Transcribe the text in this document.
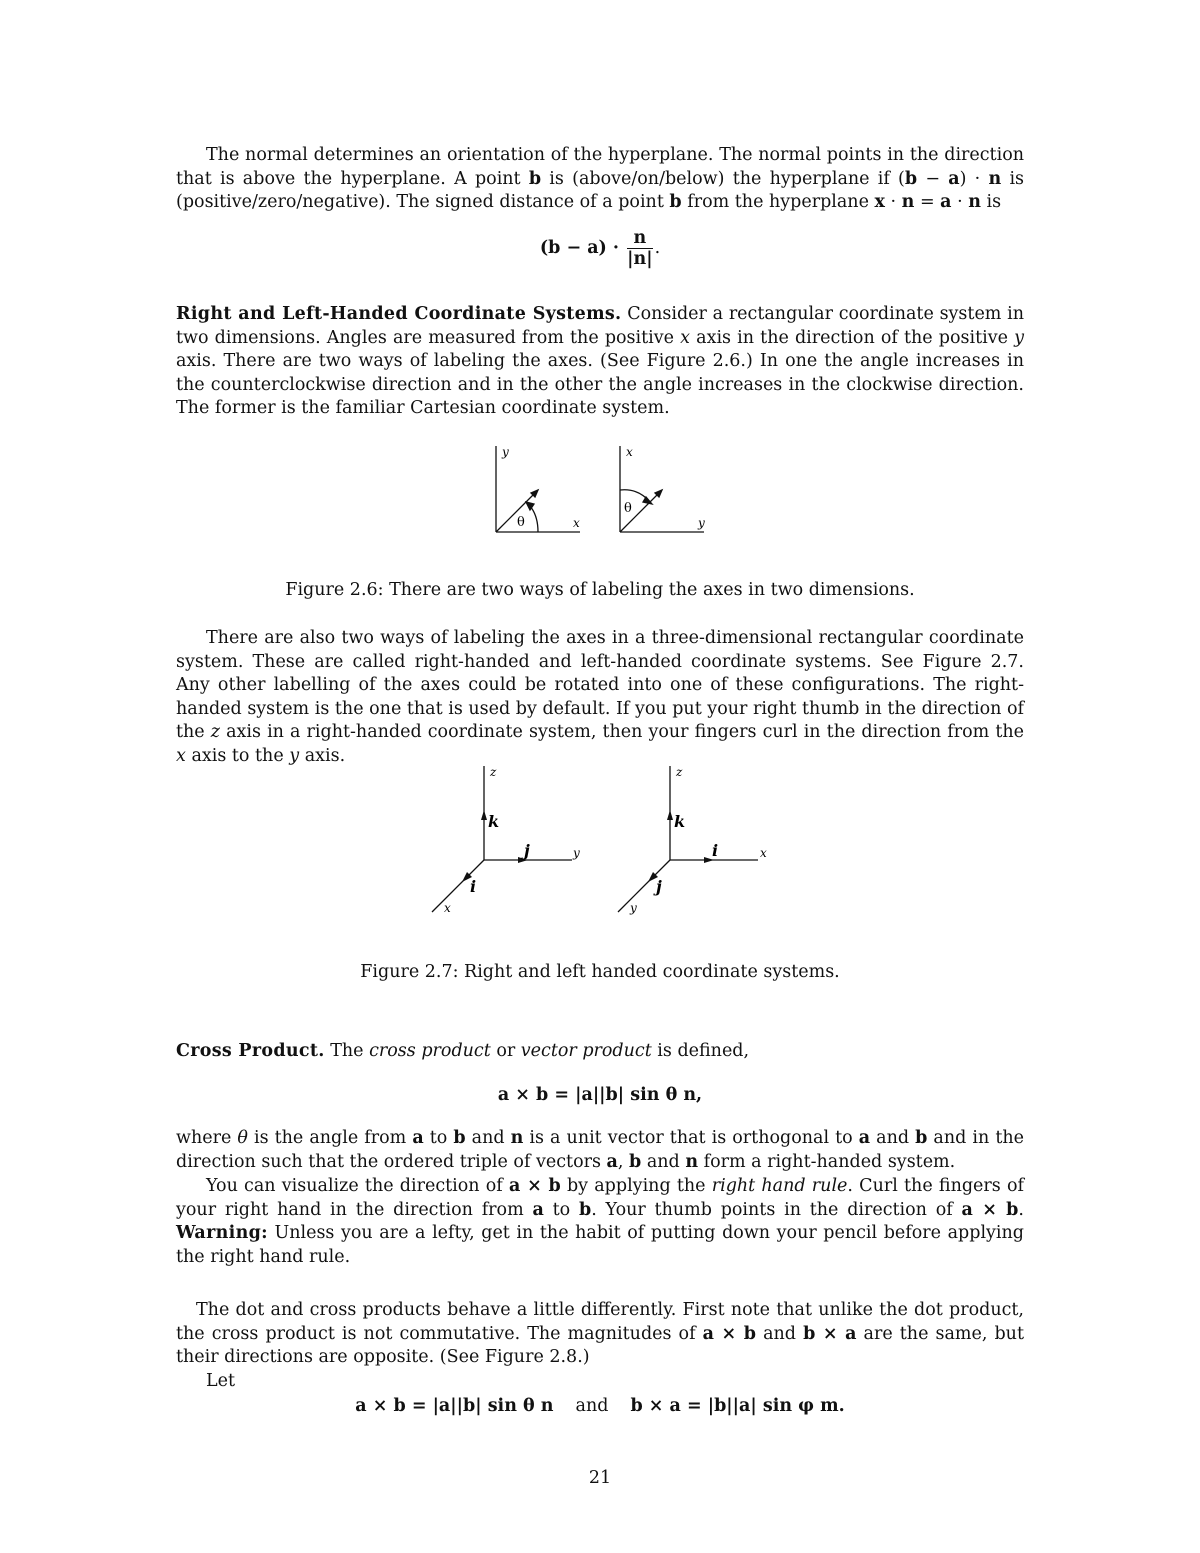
The normal determines an orientation of the hyperplane. The normal points in the direction that is above the hyperplane. A point b is (above/on/below) the hyperplane if (b − a) · n is (positive/zero/negative). The signed distance of a point b from the hyperplane x · n = a · n is

$(b - a) \cdot \frac{n}{|n|}$ .

Right and Left-Handed Coordinate Systems. Consider a rectangular coordinate system in two dimensions. Angles are measured from the positive x axis in the direction of the positive y axis. There are two ways of labeling the axes. (See Figure 2.6.) In one the angle increases in the counterclockwise direction and in the other the angle increases in the clockwise direction. The former is the familiar Cartesian coordinate system.

y
x
θ
x
y
θ
Figure 2.6: There are two ways of labeling the axes in two dimensions.

There are also two ways of labeling the axes in a three-dimensional rectangular coordinate system. These are called right-handed and left-handed coordinate systems. See Figure 2.7. Any other labelling of the axes could be rotated into one of these configurations. The right-handed system is the one that is used by default. If you put your right thumb in the direction of the z axis in a right-handed coordinate system, then your fingers curl in the direction from the x axis to the y axis.

z
k
j	y
i
x
z
k
i	x
j
y
Figure 2.7: Right and left handed coordinate systems.

Cross Product. The cross product or vector product is defined,

a × b = |a||b| sin θ n,

where θ is the angle from a to b and n is a unit vector that is orthogonal to a and b and in the direction such that the ordered triple of vectors a, b and n form a right-handed system.

You can visualize the direction of a × b by applying the right hand rule. Curl the fingers of your right hand in the direction from a to b. Your thumb points in the direction of a × b. Warning: Unless you are a lefty, get in the habit of putting down your pencil before applying the right hand rule.

The dot and cross products behave a little differently. First note that unlike the dot product, the cross product is not commutative. The magnitudes of a × b and b × a are the same, but their directions are opposite. (See Figure 2.8.)

Let
a × b = |a||b| sin θ n and b × a = |b||a| sin φ m.
21
